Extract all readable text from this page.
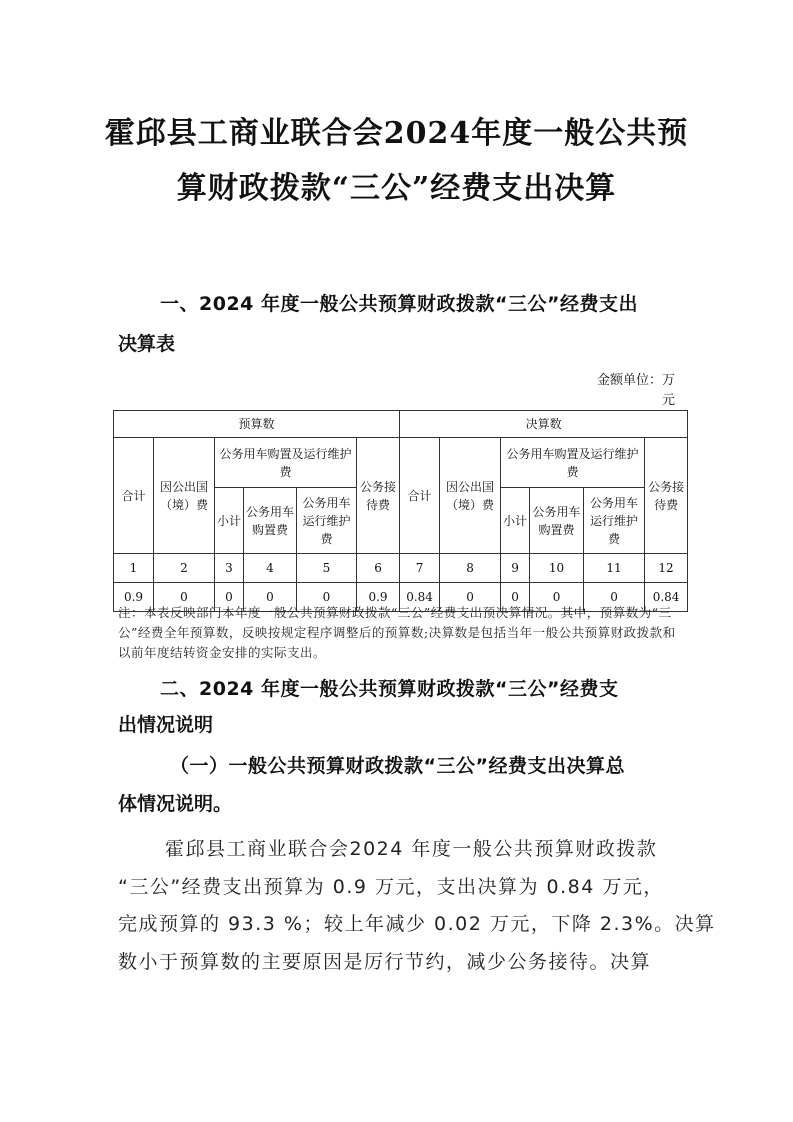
霍邱县工商业联合会2024年度一般公共预
算财政拨款“三公”经费支出决算
一、2024 年度一般公共预算财政拨款“三公”经费支出
决算表
金额单位：万
元
预算数						决算数					
合计	因公出国（境）费	公务用车购置及运行维护费			公务接待费	合计	因公出国（境）费	公务用车购置及运行维护费			公务接待费
		小计	公务用车购置费	公务用车运行维护费				小计	公务用车购置费	公务用车运行维护费	
1	2	3	4	5	6	7	8	9	10	11	12
0.9	0	0	0	0	0.9	0.84	0	0	0	0	0.84
注：本表反映部门本年度一般公共预算财政拨款“三公”经费支出预决算情况。其中，预算数为“三公”经费全年预算数，反映按规定程序调整后的预算数;决算数是包括当年一般公共预算财政拨款和以前年度结转资金安排的实际支出。
二、2024 年度一般公共预算财政拨款“三公”经费支
出情况说明
（一）一般公共预算财政拨款“三公”经费支出决算总
体情况说明。
霍邱县工商业联合会2024 年度一般公共预算财政拨款
“三公”经费支出预算为 0.9 万元，支出决算为 0.84 万元，
完成预算的 93.3 %；较上年减少 0.02 万元，下降 2.3%。决算
数小于预算数的主要原因是厉行节约，减少公务接待。决算
